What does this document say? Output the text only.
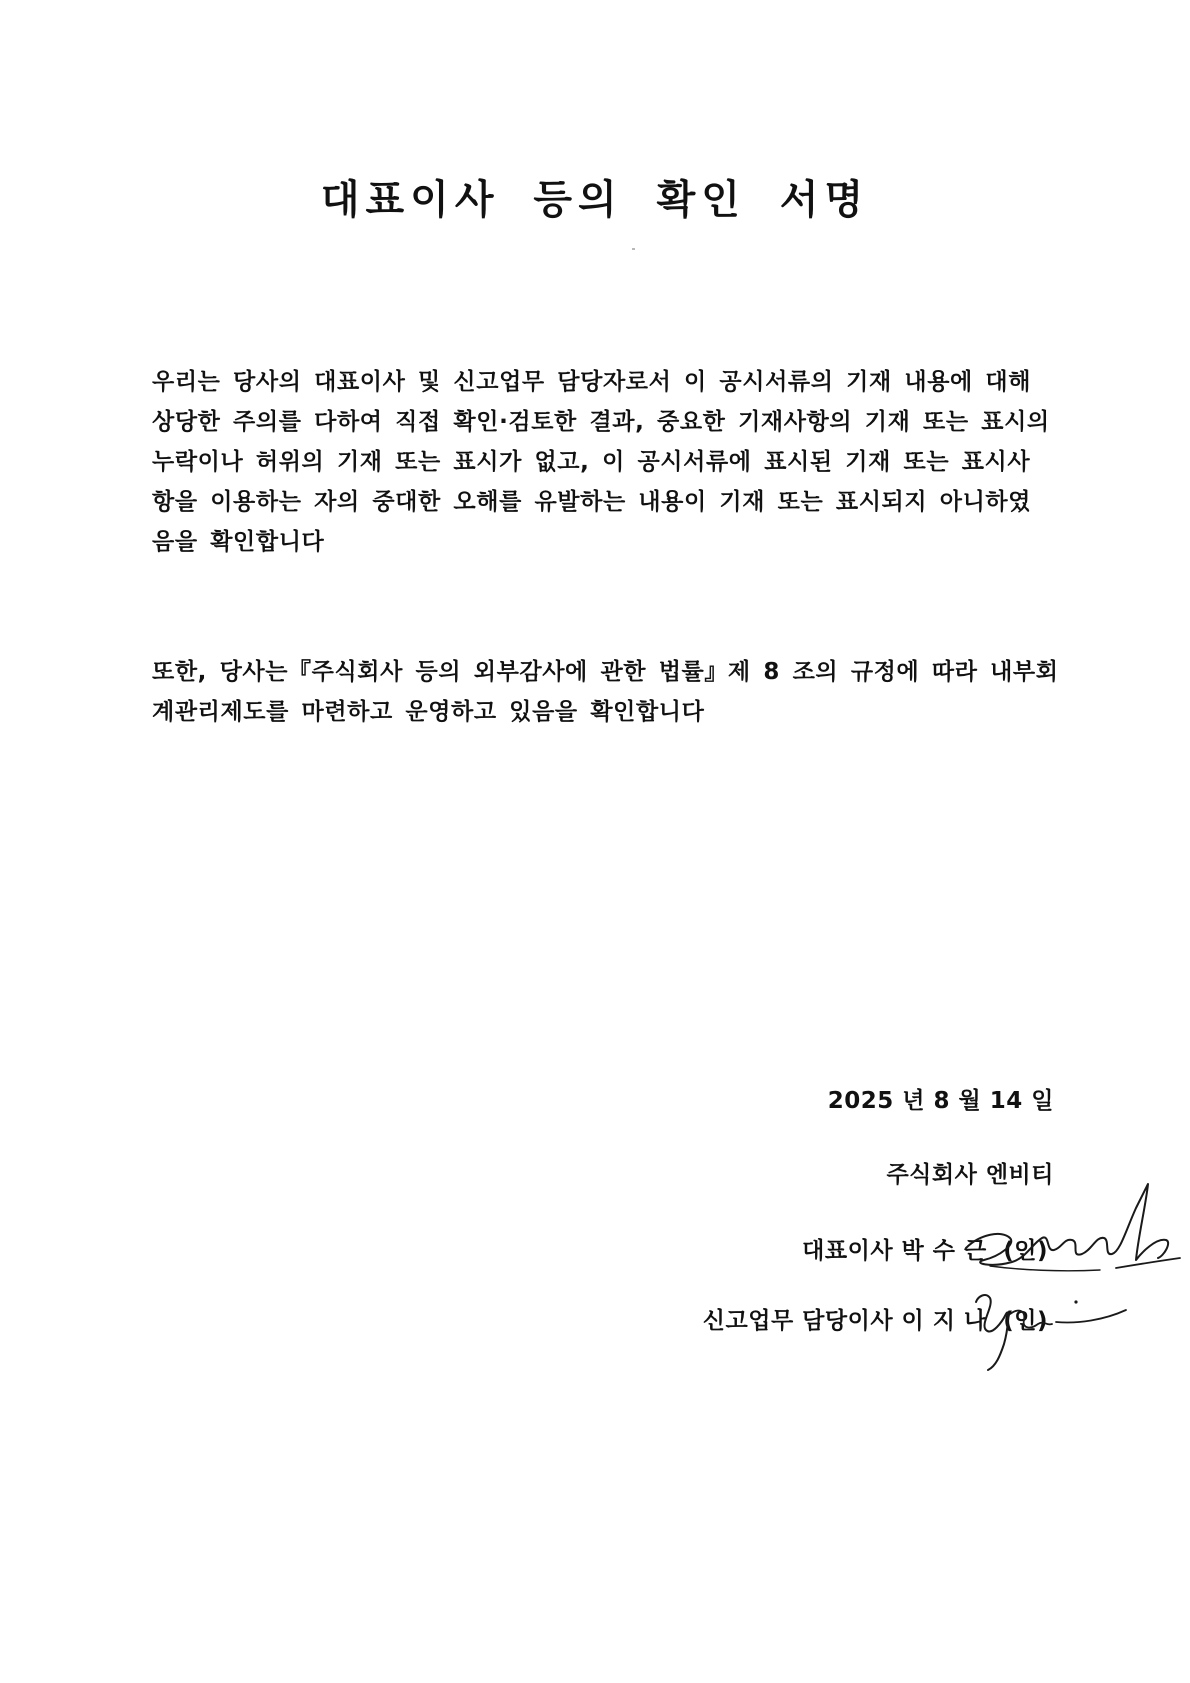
대표이사 등의 확인 서명
우리는 당사의 대표이사 및 신고업무 담당자로서 이 공시서류의 기재 내용에 대해
상당한 주의를 다하여 직접 확인·검토한 결과, 중요한 기재사항의 기재 또는 표시의
누락이나 허위의 기재 또는 표시가 없고, 이 공시서류에 표시된 기재 또는 표시사
항을 이용하는 자의 중대한 오해를 유발하는 내용이 기재 또는 표시되지 아니하였
음을 확인합니다
또한, 당사는『주식회사 등의 외부감사에 관한 법률』제 8 조의 규정에 따라 내부회
계관리제도를 마련하고 운영하고 있음을 확인합니다
2025 년 8 월 14 일
주식회사 엔비티
대표이사 박 수 근 (인)
신고업무 담당이사 이 지 나 (인)
